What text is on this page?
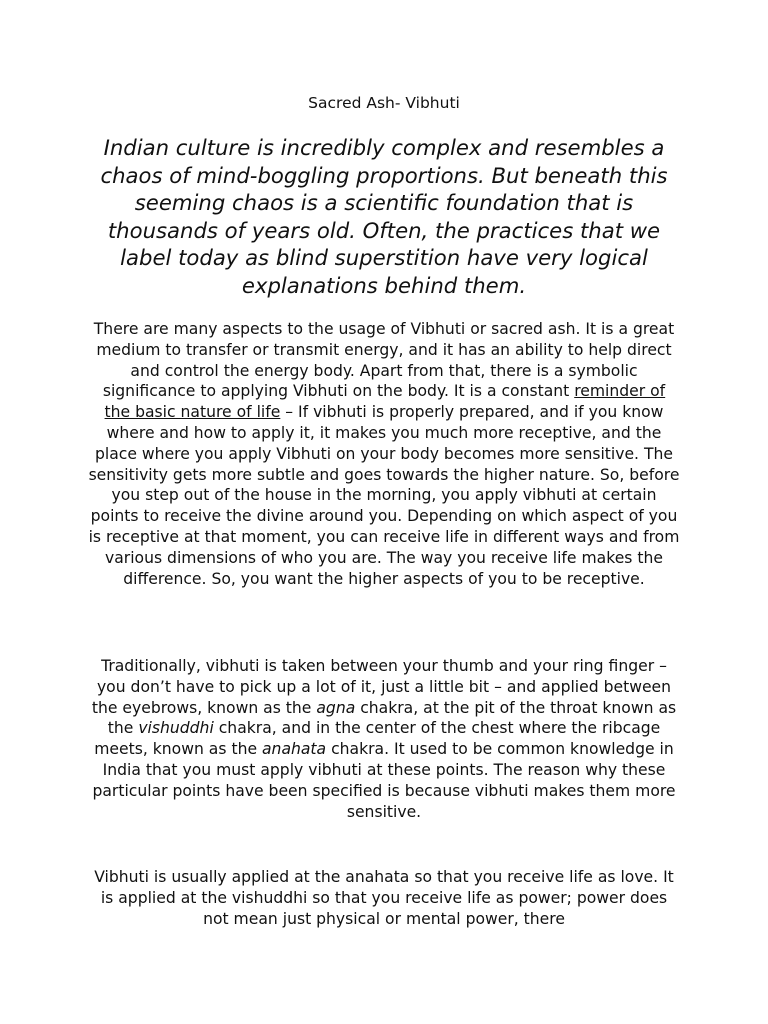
Sacred Ash- Vibhuti

Indian culture is incredibly complex and resembles a chaos of mind-boggling proportions. But beneath this seeming chaos is a scientific foundation that is thousands of years old. Often, the practices that we label today as blind superstition have very logical explanations behind them.

There are many aspects to the usage of Vibhuti or sacred ash. It is a great medium to transfer or transmit energy, and it has an ability to help direct and control the energy body. Apart from that, there is a symbolic significance to applying Vibhuti on the body. It is a constant reminder of the basic nature of life – If vibhuti is properly prepared, and if you know where and how to apply it, it makes you much more receptive, and the place where you apply Vibhuti on your body becomes more sensitive. The sensitivity gets more subtle and goes towards the higher nature. So, before you step out of the house in the morning, you apply vibhuti at certain points to receive the divine around you. Depending on which aspect of you is receptive at that moment, you can receive life in different ways and from various dimensions of who you are. The way you receive life makes the difference. So, you want the higher aspects of you to be receptive.

Traditionally, vibhuti is taken between your thumb and your ring finger – you don’t have to pick up a lot of it, just a little bit – and applied between the eyebrows, known as the agna chakra, at the pit of the throat known as the vishuddhi chakra, and in the center of the chest where the ribcage meets, known as the anahata chakra. It used to be common knowledge in India that you must apply vibhuti at these points. The reason why these particular points have been specified is because vibhuti makes them more sensitive.

Vibhuti is usually applied at the anahata so that you receive life as love. It is applied at the vishuddhi so that you receive life as power; power does not mean just physical or mental power, there
